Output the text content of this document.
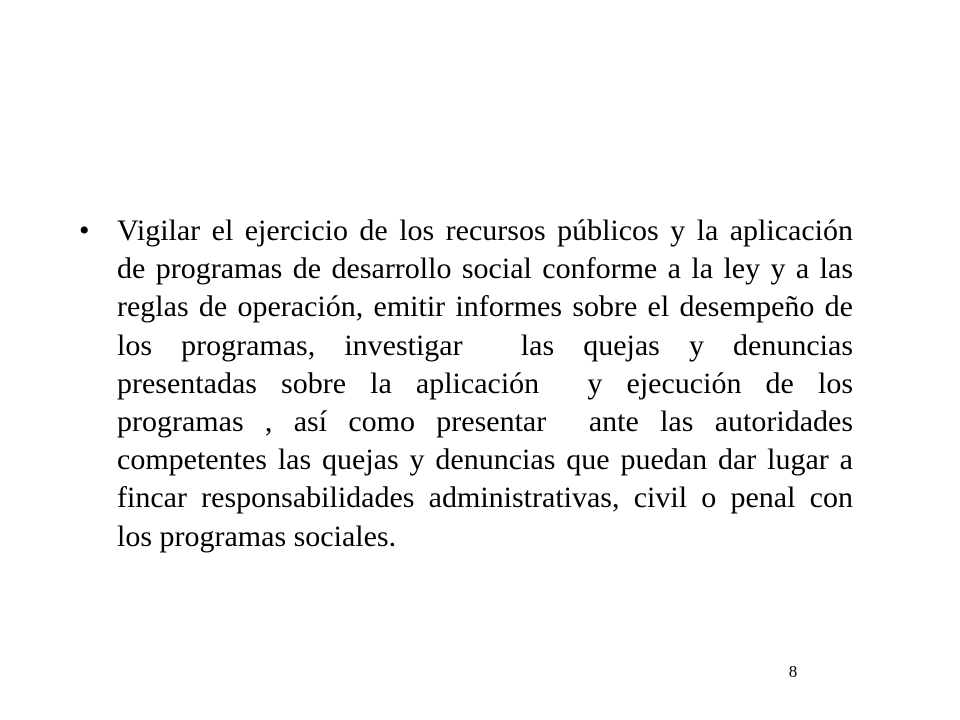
• Vigilar el ejercicio de los recursos públicos y la aplicación
de programas de desarrollo social conforme a la ley y a las
reglas de operación, emitir informes sobre el desempeño de
los programas, investigar  las quejas y denuncias
presentadas sobre la aplicación  y ejecución de los
programas , así como presentar  ante las autoridades
competentes las quejas y denuncias que puedan dar lugar a
fincar responsabilidades administrativas, civil o penal con
los programas sociales.
8
